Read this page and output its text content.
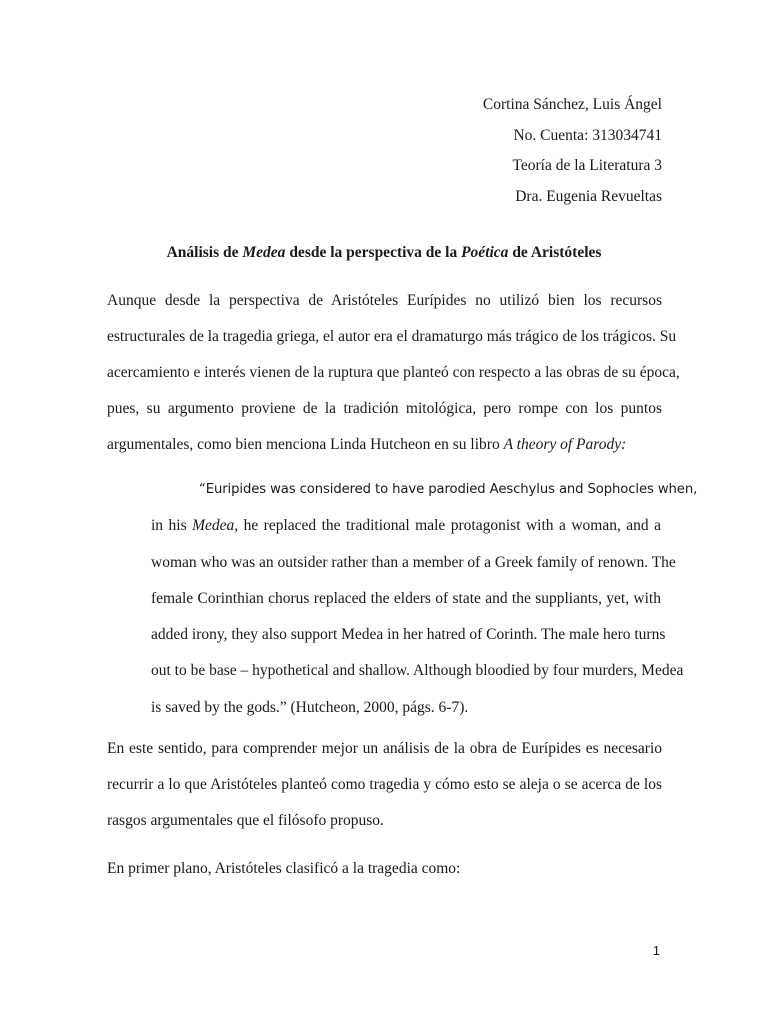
Cortina Sánchez, Luis Ángel
No. Cuenta: 313034741
Teoría de la Literatura 3
Dra. Eugenia Revueltas
Análisis de Medea desde la perspectiva de la Poética de Aristóteles
Aunque desde la perspectiva de Aristóteles Eurípides no utilizó bien los recursos
estructurales de la tragedia griega, el autor era el dramaturgo más trágico de los trágicos. Su
acercamiento e interés vienen de la ruptura que planteó con respecto a las obras de su época,
pues, su argumento proviene de la tradición mitológica, pero rompe con los puntos
argumentales, como bien menciona Linda Hutcheon en su libro A theory of Parody:
“Euripides was considered to have parodied Aeschylus and Sophocles when,
in his Medea, he replaced the traditional male protagonist with a woman, and a
woman who was an outsider rather than a member of a Greek family of renown. The
female Corinthian chorus replaced the elders of state and the suppliants, yet, with
added irony, they also support Medea in her hatred of Corinth. The male hero turns
out to be base – hypothetical and shallow. Although bloodied by four murders, Medea
is saved by the gods.” (Hutcheon, 2000, págs. 6-7).
En este sentido, para comprender mejor un análisis de la obra de Eurípides es necesario
recurrir a lo que Aristóteles planteó como tragedia y cómo esto se aleja o se acerca de los
rasgos argumentales que el filósofo propuso.
En primer plano, Aristóteles clasificó a la tragedia como:
1
